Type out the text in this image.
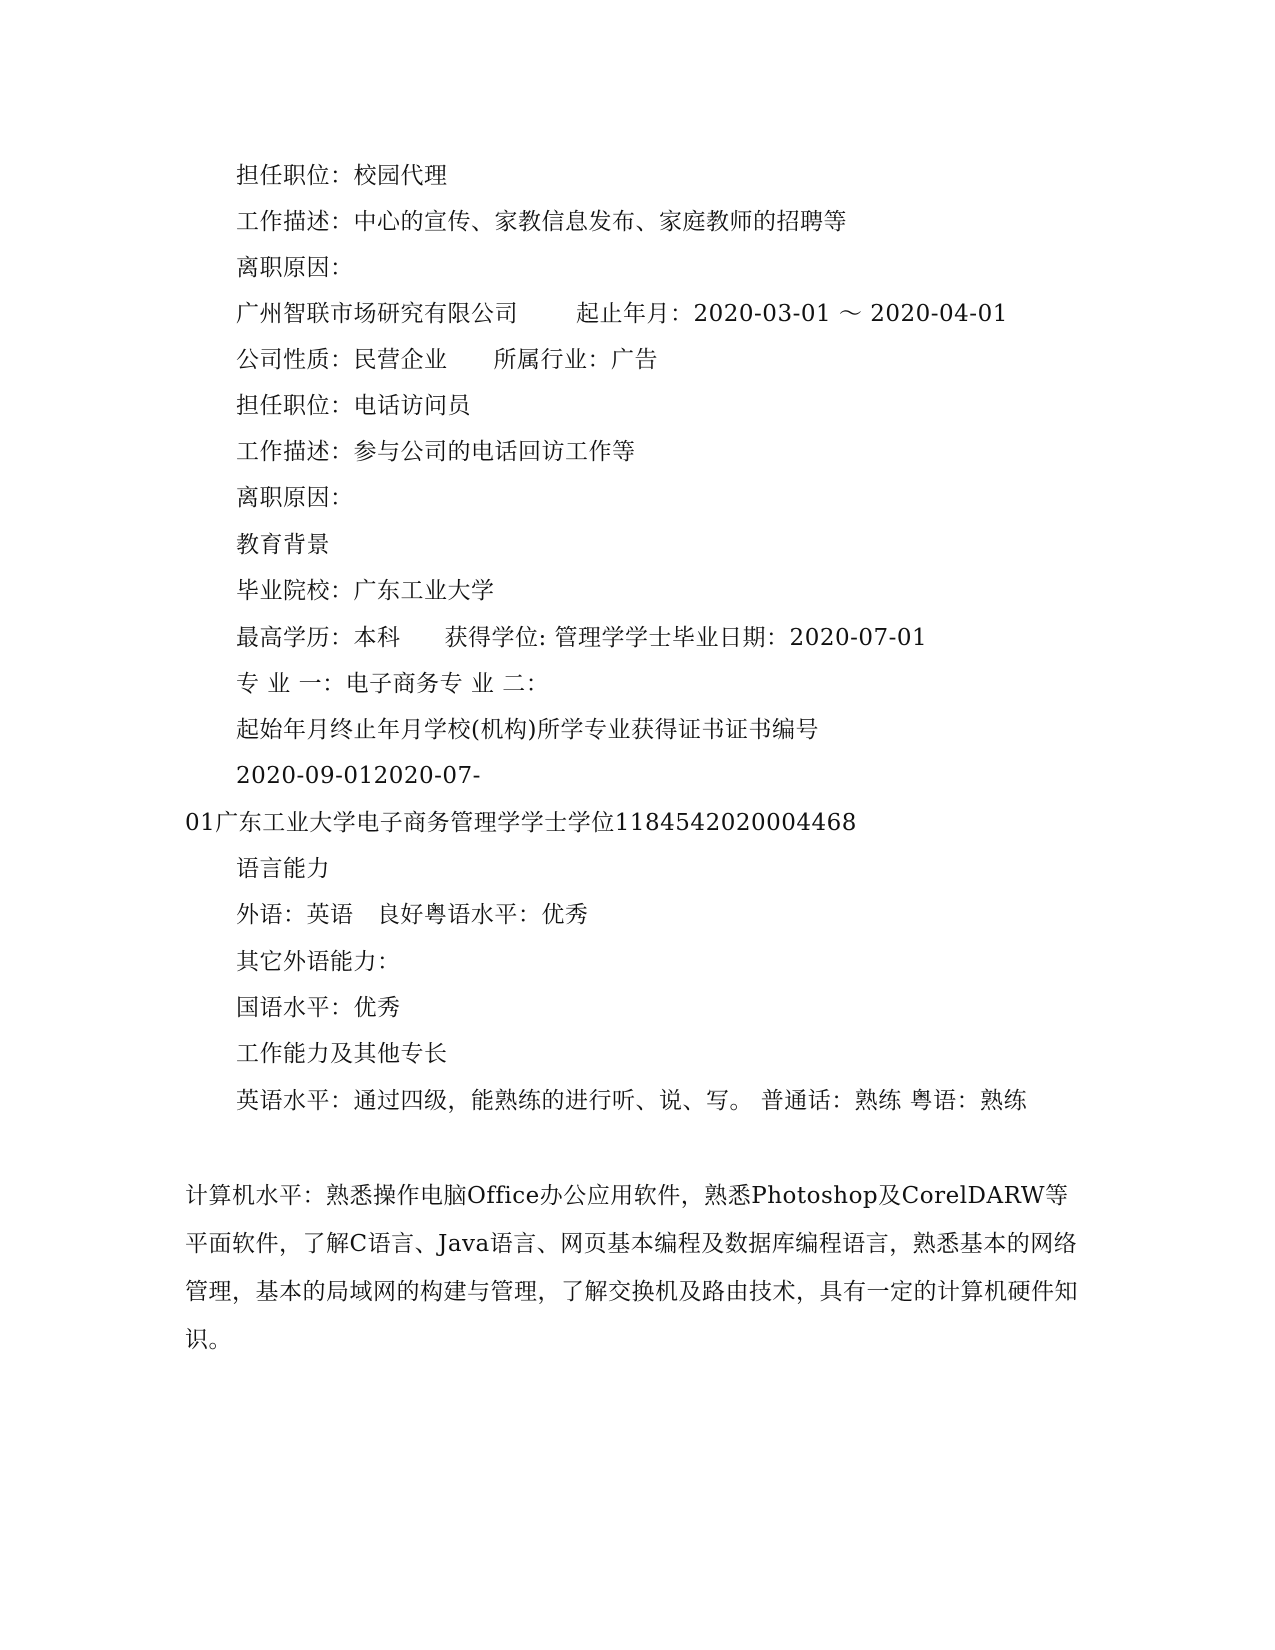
担任职位：校园代理
工作描述：中心的宣传、家教信息发布、家庭教师的招聘等
离职原因：
广州智联市场研究有限公司	起止年月：2020-03-01 ～ 2020-04-01
公司性质：民营企业 所属行业：广告
担任职位：电话访问员
工作描述：参与公司的电话回访工作等
离职原因：
教育背景
毕业院校：广东工业大学
最高学历：本科 获得学位: 管理学学士毕业日期：2020-07-01
专 业 一：电子商务专 业 二：
起始年月终止年月学校(机构)所学专业获得证书证书编号
2020-09-012020-07-
01广东工业大学电子商务管理学学士学位1184542020004468
语言能力
外语：英语   良好粤语水平：优秀
其它外语能力：
国语水平：优秀
工作能力及其他专长
英语水平：通过四级，能熟练的进行听、说、写。 普通话：熟练 粤语：熟练
计算机水平：熟悉操作电脑Office办公应用软件，熟悉Photoshop及CorelDARW等平面软件，了解C语言、Java语言、网页基本编程及数据库编程语言，熟悉基本的网络管理，基本的局域网的构建与管理，了解交换机及路由技术，具有一定的计算机硬件知识。
